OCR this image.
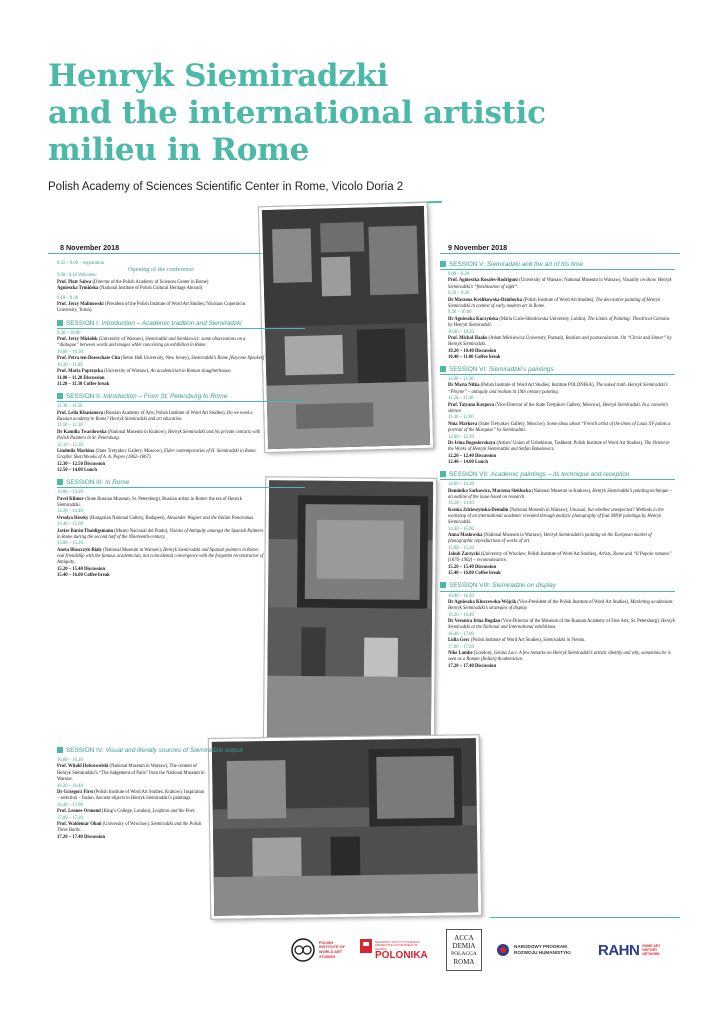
Henryk Siemiradzki
and the international artistic
milieu in Rome
Polish Academy of Sciences Scientific Center in Rome, Vicolo Doria 2
8 November 2018

8.45 – 9.00 – registration

Opening of the conference

9.00– 9.10 Welcome:

Prof. Piotr Salwa (Director of the Polish Academy of Sciences Center in Rome)

Agnieszka Tymińska (National Institute of Polish Cultural Heritage Abroad)

9.10 – 9.30

Prof. Jerzy Malinowski (President of the Polish Institute of Word Art Studies; Nicolaus Copernicus University, Toruń)

SESSION I: Introduction – Academic tradition and Siemiradzki

9.30 – 10.00

Prof. Jerzy Miziołek (University of Warsaw), Siemiradzki and Sienkiewicz: some observations on a “dialogue” between words and images while conceiving an exhibition in Rome.

10.00 – 10.30

Prof. Petra ten-Doesschate Chu (Seton Hall University, New Jersey), Siemiradzki’s Rome [Keynote Speaker]

10.30 – 11.00

Prof. Maria Poprzęcka (University of Warsaw), An academician in Roman slaughterhouse.

11.00 – 11.20 Discussion

11.20 – 11.30 Coffee break

SESSION II: Introduction – From St. Petersburg to Rome

11.30 – 11.50

Prof. Leila Khasianova (Russian Academy of Arts; Polish Institute of Word Art Studies), Do we need a Russian academy in Rome? Henryk Siemiradzki and art education.

11.50 – 12.10

Dr Kamilla Twardowska (National Museum in Krakow), Henryk Siemiradzki and his private contacts with Polish Painters in St. Petersburg.

12.10 – 12.30

Liudmila Markina (State Tretyakov Gallery, Moscow), Elder contemporaries of H. Siemiradzki in Rome. Graphic Sketchbooks of A. A. Popov (1862–1867).

12.30 – 12.50 Discussion

12.50 – 14.00 Lunch

SESSION III: In Rome

14.00 – 14.20

Pavel Klimov (State Russian Museum, St. Petersburg), Russian artists in Rome: the era of Henryk Siemiradzki.

14.20 – 14.40

Orsolya Hessky (Hungarian National Gallery, Budapest), Alexander Wagner and the Italian Panoramas.

14.40 – 15.00

Javier Barón Thaidigsmann (Museo Nacional del Prado), Visions of Antiquity amongst the Spanish Painters in Rome during the second half of the Nineteenth-century.

15.00 – 15.20

Aneta Błaszczyk-Biały (National Museum in Warsaw), Henryk Siemiradzki and Spanish painters in Rome: real friendship with the famous academician, not coincidental convergence with the forgotten reconstructor of Antiquity.

15.20 – 15.40 Discussion

15.40 – 16.00 Coffee break

SESSION IV: Visual and literally sources of Siemiradzki output

16.00 – 16.20

Prof. Witold Dobrowolski (National Museum in Warsaw), The content of Henryk Siemiradzki’s “The Judgement of Paris” from the National Museum in Warsaw.

16.20 – 16.40

Dr Grzegorz First (Polish Institute of Word Art Studies, Krakow), Inspiration – selection – fusion. Ancient objects in Henryk Siemiradzki’s paintings.

16.40 – 17.00

Prof. Leonee Ormond (King’s College, London), Leighton and the Poet.

17.00 – 17.20

Prof. Waldemar Okoń (University of Wrocław), Siemiradzki and the Polish Three Bards.

17.20 – 17.40 Discussion

9 November 2018
SESSION V: Siemiradzki and the art of his time

9.00 – 9.20

Prof. Agnieszka Rosales-Rodríguez (University of Warsaw; National Museum in Warsaw), Visuality on show. Henryk Siemiradzki’s “fetishization of sight”.

9.20 – 9.40

Dr Marzena Królikowska-Dziubecka (Polish Institute of Word Art Studies), The decorative painting of Henryk Siemiradzki in context of early modern art in Rome.

9.40 – 10.00

Dr Agnieszka Kuczyńska (Maria Curie-Skłodowska University, Lublin), The Limits of Painting: Theatrical Curtains by Henryk Siemiradzki.

10.00 – 10.20

Prof. Michał Haake (Adam Mickiewicz University, Poznań), Realism and postsecularism. On “Christ and Sinner” by Henryk Siemiradzki.

10.20 – 10.40 Discussion

10.40 – 11.00 Coffee break

SESSION VI: Siemiradzki’s paintings

11.00 – 11.20

Dr Maria Nitka (Polish Institute of Word Art Studies; Institute POLONIKA), The naked truth. Henryk Siemiradzki’s “Phryne” – antiquity and realism in 19th century painting.

11.20 – 11.40

Prof. Tatyana Karpova (Vice-Director of the State Tretyakov Gallery, Moscow), Henryk Siemiradzki. In a convent’s silence.

11.40 – 12.00

Nina Markova (State Tretyakov Gallery, Moscow), Some ideas about “French artist of the times of Louis XV paints a portrait of the Marquise” by Siemiradzki.

12.00 – 12.20

Dr Irina Bogoslovskaya (Artists’ Union of Uzbekistan, Tashkent; Polish Institute of Word Art Studies), The Orient in the Works of Henryk Siemiradzki and Stefan Bakałowicz.

12.20 – 12.40 Discussion

12.40 – 14.00 Lunch

SESSION VII: Academic paintings – its technique and reception

14.00 – 14.20

Dominika Sarkowicz, Marzena Sieklucka (National Museum in Krakow), Henryk Siemiradzki’s painting technique – an outline of the issue based on research.

14.20 – 14.40

Ksenia Zdzieszyńska-Demolin (National Museum in Warsaw), Unusual, but whether unexpected? Methods in the workshop of an international academic revealed through analytic photography of four MNW paintings by Henryk Siemiradzki.

14.40 – 15.00

Anna Masłowska (National Museum in Warsaw), Henryk Siemiradzki’s painting on the European market of photographic reproductions of works of art.

15.00 – 15.20

Jakub Zarzycki (University of Wrocław; Polish Institute of Word Art Studies), Artists, Rome and “Il Popolo romano” (1876–1902) – reconnaissance.

15.20 – 15.40 Discussion

15.40 – 16.00 Coffee break

SESSION VIII: Siemiradzki on display

16.00 – 16.20

Dr Agnieszka Kluczewska-Wójcik (Vice-President of the Polish Institute of Word Art Studies), Marketing academism: Henryk Siemiradzki’s strategies of display.

16.20 – 16.40

Dr Veronica Irina Bogdan (Vice-Director of the Museum of the Russian Academy of Fine Arts, St. Petersburg), Henryk Siemiradzki at the National and International exhibitions.

16.40 – 17.00

Lidia Gerc (Polish Institute of Word Art Studies), Siemiradzki in Vienna.

17.00 – 17.20

Nike Lambe (London), Genius Loci. A few remarks on Henryk Siemiradzki’s artistic identity and why, sometimes he is seen as a Roman (Italian) Academician.

17.20 – 17.40 Discussion

POLISH INSTITUTE OF WORLD ART STUDIES
NARODOWY INSTYTUT POLSKIEGO DZIEDZICTWA KULTUROWEGO ZA GRANICĄ
POLONIKA
ACCA
DEMIA
POLACCA
ROMA
NARODOWY PROGRAM
ROZWOJU HUMANISTYKI RAHN ROME ART HISTORY NETWORK
